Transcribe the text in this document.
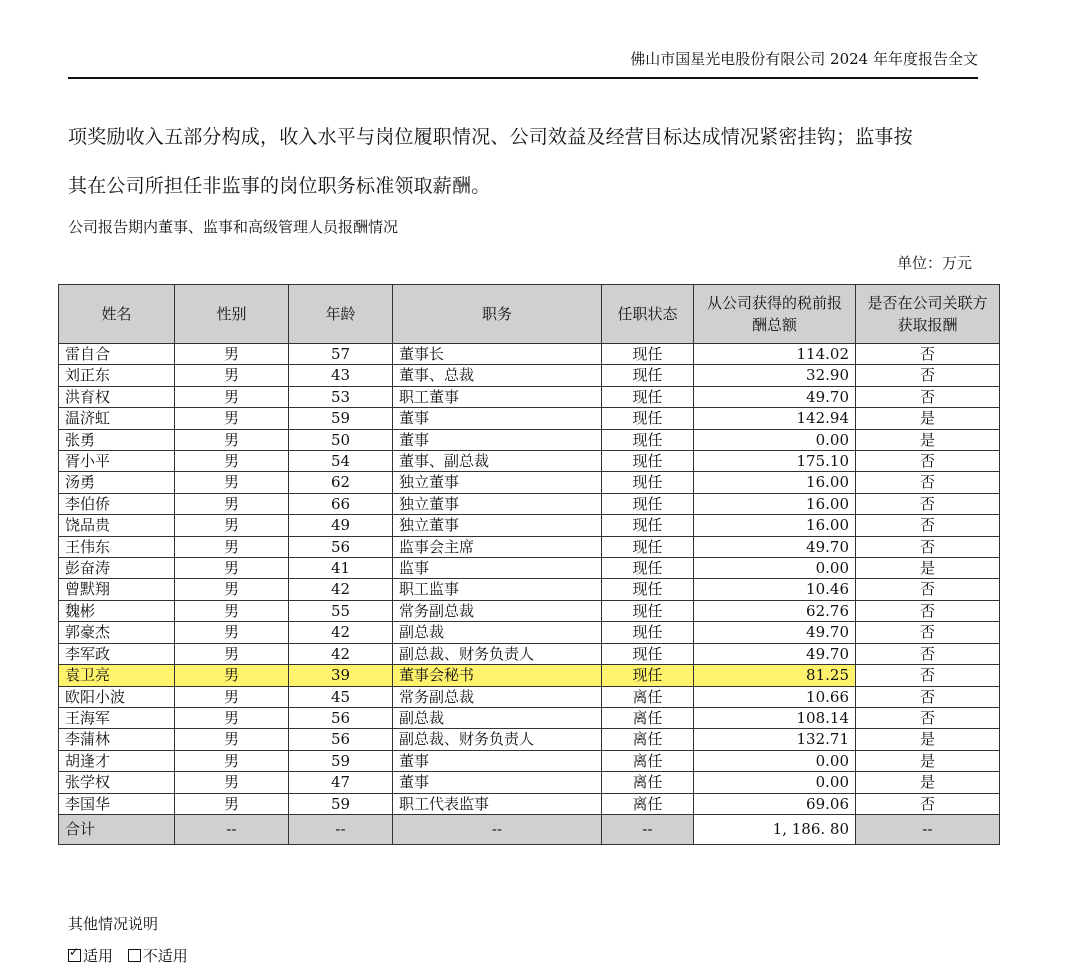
佛山市国星光电股份有限公司 2024 年年度报告全文
项奖励收入五部分构成，收入水平与岗位履职情况、公司效益及经营目标达成情况紧密挂钩；监事按
其在公司所担任非监事的岗位职务标准领取薪酬。
公司报告期内董事、监事和高级管理人员报酬情况
单位：万元
姓名	性别	年龄	职务	任职状态	从公司获得的税前报酬总额	是否在公司关联方获取报酬
雷自合	男	57	董事长	现任	114.02	否
刘正东	男	43	董事、总裁	现任	32.90	否
洪育权	男	53	职工董事	现任	49.70	否
温济虹	男	59	董事	现任	142.94	是
张勇	男	50	董事	现任	0.00	是
胥小平	男	54	董事、副总裁	现任	175.10	否
汤勇	男	62	独立董事	现任	16.00	否
李伯侨	男	66	独立董事	现任	16.00	否
饶品贵	男	49	独立董事	现任	16.00	否
王伟东	男	56	监事会主席	现任	49.70	否
彭奋涛	男	41	监事	现任	0.00	是
曾默翔	男	42	职工监事	现任	10.46	否
魏彬	男	55	常务副总裁	现任	62.76	否
郭豪杰	男	42	副总裁	现任	49.70	否
李军政	男	42	副总裁、财务负责人	现任	49.70	否
袁卫亮	男	39	董事会秘书	现任	81.25	否
欧阳小波	男	45	常务副总裁	离任	10.66	否
王海军	男	56	副总裁	离任	108.14	否
李蒲林	男	56	副总裁、财务负责人	离任	132.71	是
胡逢才	男	59	董事	离任	0.00	是
张学权	男	47	董事	离任	0.00	是
李国华	男	59	职工代表监事	离任	69.06	否
合计	--	--	--	--	1, 186. 80	--
其他情况说明
✓适用 不适用
